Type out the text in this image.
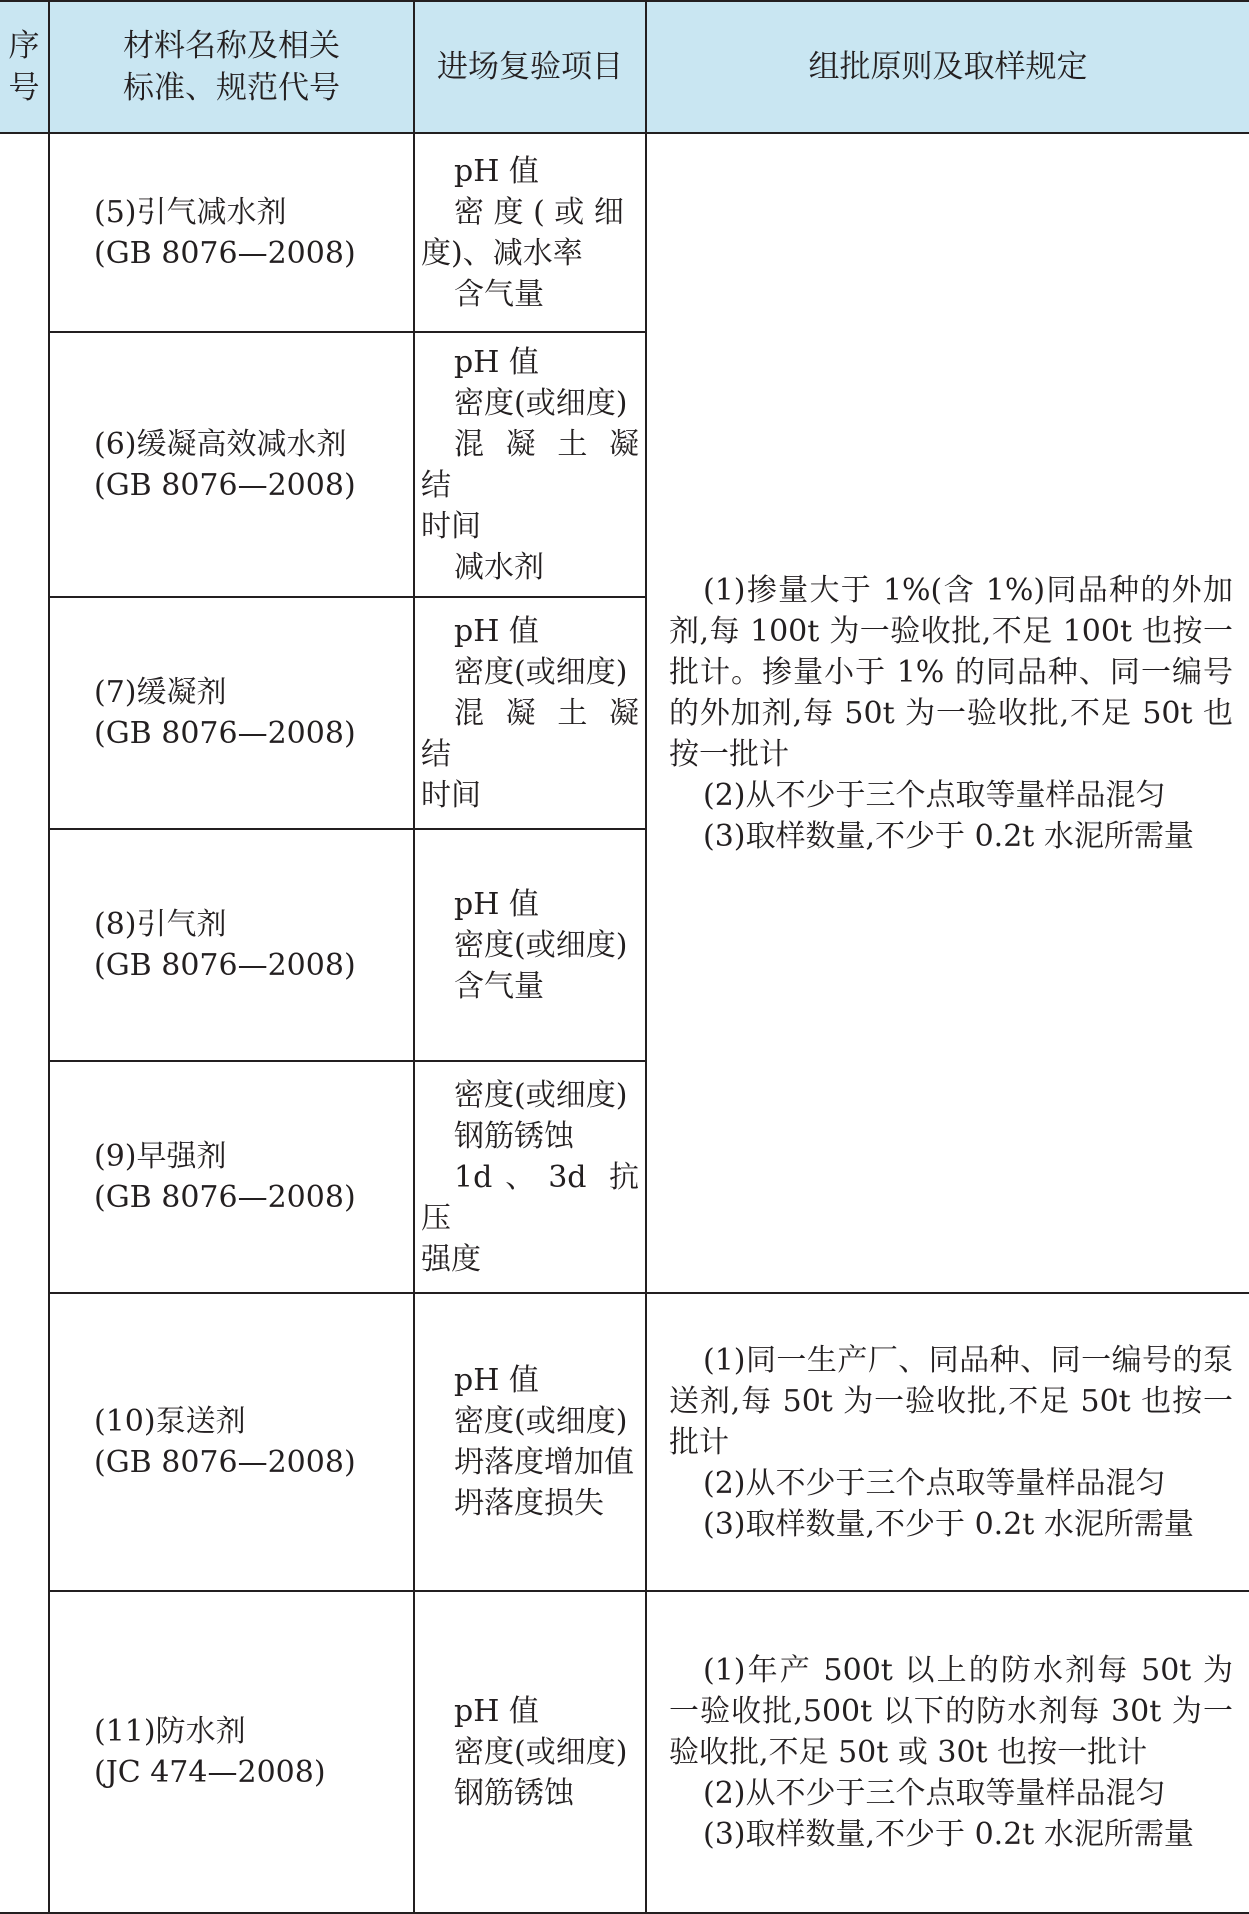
序
号	材料名称及相关
标准、规范代号	进场复验项目	组批原则及取样规定

	(5)引气减水剂
(GB 8076—2008)	pH 值
密 度 ( 或 细
度)、减水率
含气量	(1)掺量大于 1%(含 1%)同品种的外加剂,每 100t 为一验收批,不足 100t 也按一批计。掺量小于 1% 的同品种、同一编号的外加剂,每 50t 为一验收批,不足 50t 也按一批计
(2)从不少于三个点取等量样品混匀
(3)取样数量,不少于 0.2t 水泥所需量

	(6)缓凝高效减水剂
(GB 8076—2008)	pH 值
密度(或细度)
混 凝 土 凝 结
时间
减水剂	

	(7)缓凝剂
(GB 8076—2008)	pH 值
密度(或细度)
混 凝 土 凝 结
时间	

	(8)引气剂
(GB 8076—2008)	pH 值
密度(或细度)
含气量	

	(9)早强剂
(GB 8076—2008)	密度(或细度)
钢筋锈蚀
1d、3d 抗 压
强度	

	(10)泵送剂
(GB 8076—2008)	pH 值
密度(或细度)
坍落度增加值
坍落度损失	(1)同一生产厂、同品种、同一编号的泵送剂,每 50t 为一验收批,不足 50t 也按一批计
(2)从不少于三个点取等量样品混匀
(3)取样数量,不少于 0.2t 水泥所需量

	(11)防水剂
(JC 474—2008)	pH 值
密度(或细度)
钢筋锈蚀	(1)年产 500t 以上的防水剂每 50t 为一验收批,500t 以下的防水剂每 30t 为一验收批,不足 50t 或 30t 也按一批计
(2)从不少于三个点取等量样品混匀
(3)取样数量,不少于 0.2t 水泥所需量
